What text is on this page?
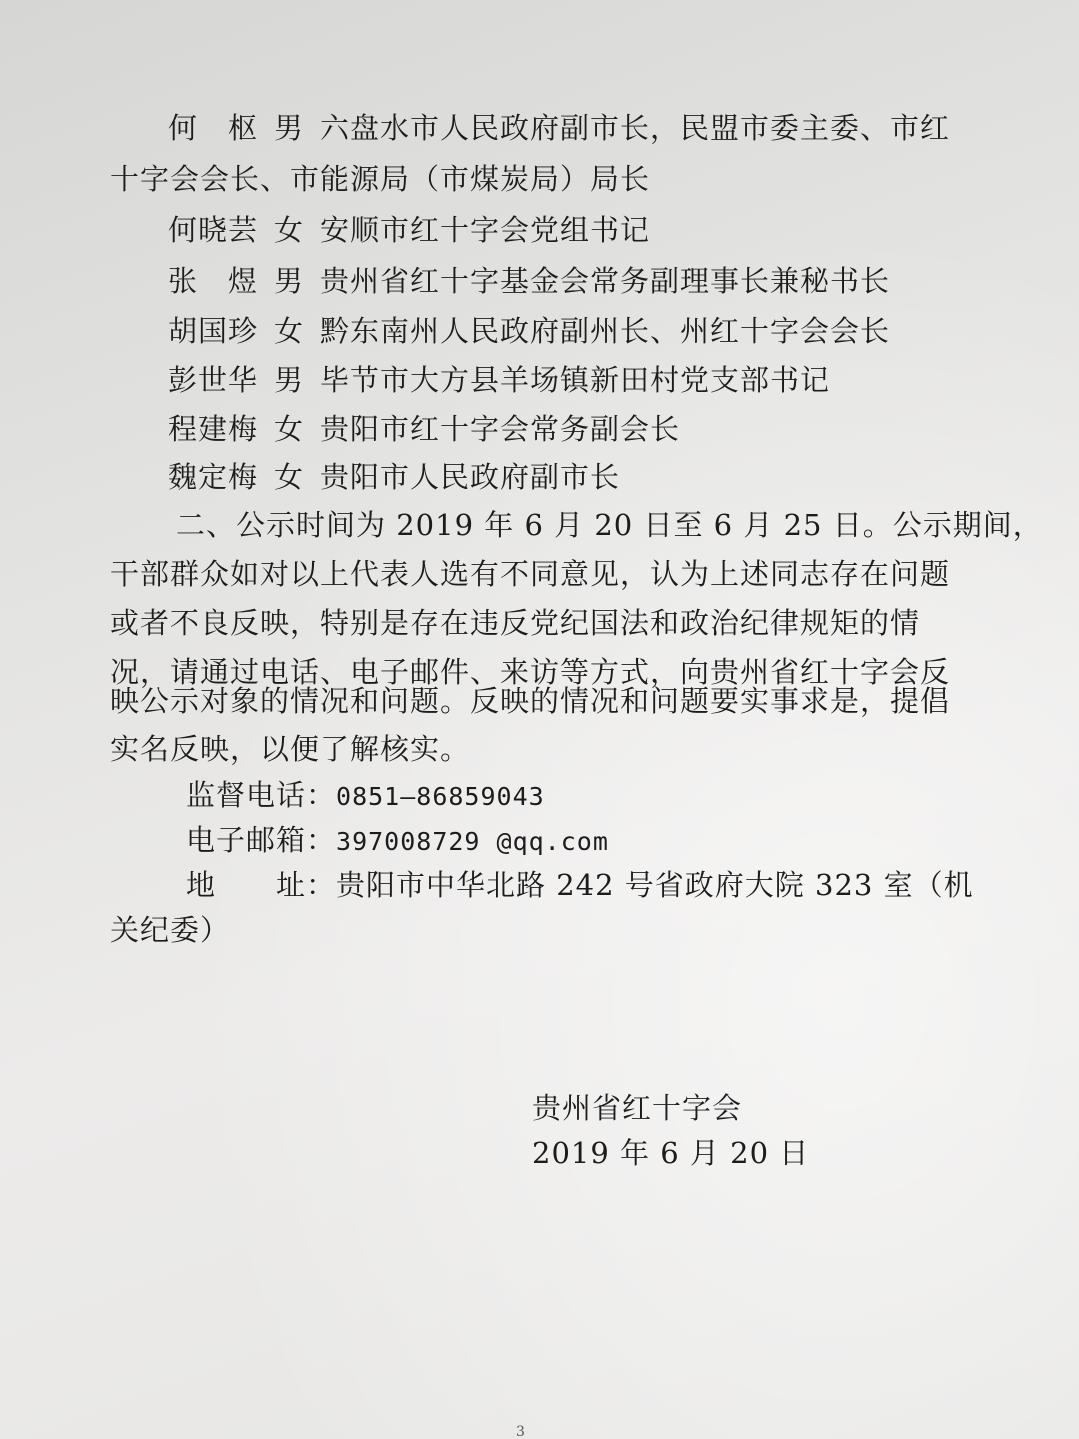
何　枢 男 六盘水市人民政府副市长，民盟市委主委、市红
十字会会长、市能源局（市煤炭局）局长
何晓芸 女 安顺市红十字会党组书记
张　煜 男 贵州省红十字基金会常务副理事长兼秘书长
胡国珍 女 黔东南州人民政府副州长、州红十字会会长
彭世华 男 毕节市大方县羊场镇新田村党支部书记
程建梅 女 贵阳市红十字会常务副会长
魏定梅 女 贵阳市人民政府副市长
二、公示时间为 2019 年 6 月 20 日至 6 月 25 日。公示期间，
干部群众如对以上代表人选有不同意见，认为上述同志存在问题
或者不良反映，特别是存在违反党纪国法和政治纪律规矩的情
况，请通过电话、电子邮件、来访等方式，向贵州省红十字会反
映公示对象的情况和问题。反映的情况和问题要实事求是，提倡
实名反映，以便了解核实。
监督电话：0851—86859043
电子邮箱：397008729 @qq.com
地　　址：贵阳市中华北路 242 号省政府大院 323 室（机
关纪委）
贵州省红十字会
2019 年 6 月 20 日
3
